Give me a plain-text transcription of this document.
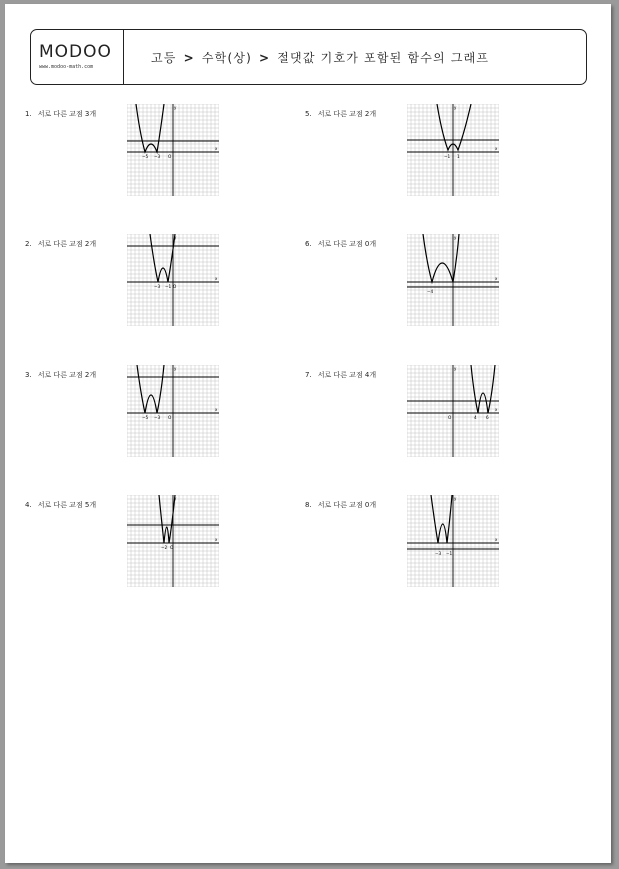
MODOO
www.modoo-math.com
고등 > 수학(상) > 절댓값 기호가 포함된 함수의 그래프
1. 서로 다른 교점 3개
x
y
−5 −3 O
5. 서로 다른 교점 2개
x
y
−1 1
2. 서로 다른 교점 2개
x
y
−3 −1 O
6. 서로 다른 교점 0개
x
y
−4
3. 서로 다른 교점 2개
x
y
−5 −3 O
7. 서로 다른 교점 4개
x
y
O	4 6
4. 서로 다른 교점 5개
x
y
−2 O
8. 서로 다른 교점 0개
x
y
−3 −1
